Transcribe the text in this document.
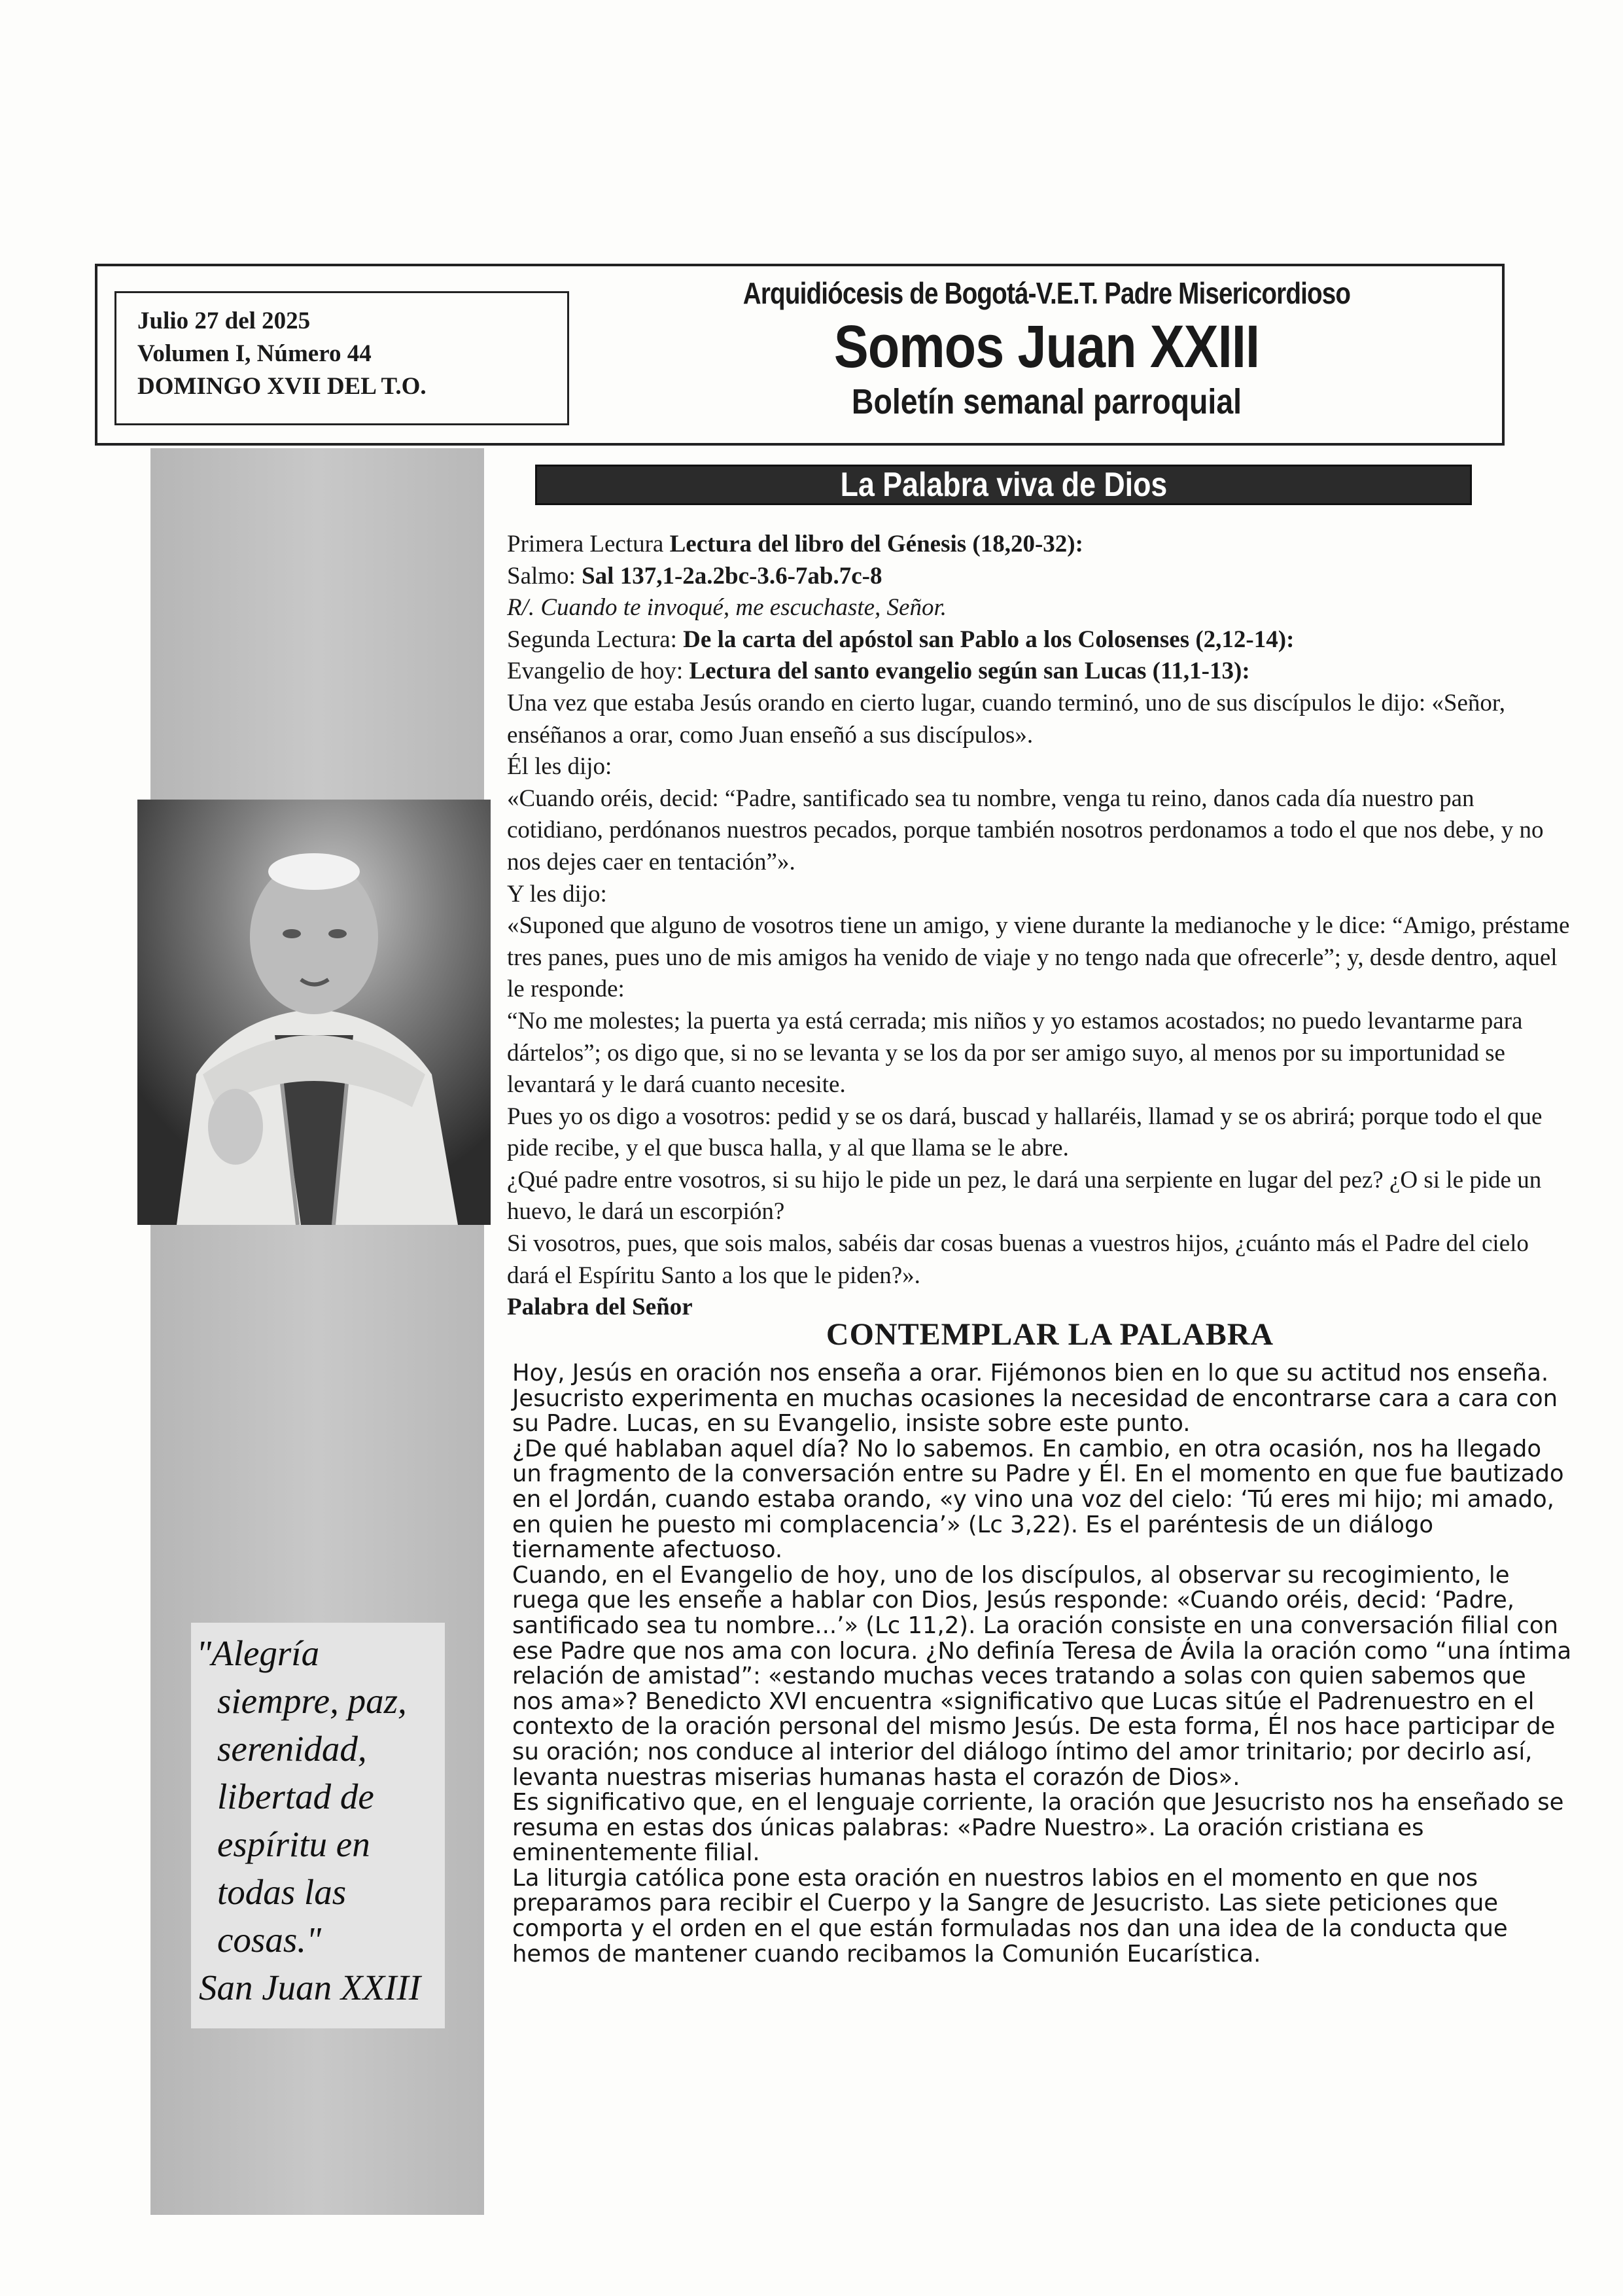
"Alegría
siempre, paz,
serenidad,
libertad de
espíritu en
todas las
cosas."
San Juan XXIII
Julio 27 del 2025
Volumen I, Número 44
DOMINGO XVII DEL T.O.
Arquidiócesis de Bogotá-V.E.T. Padre Misericordioso
Somos Juan XXIII
Boletín semanal parroquial
La Palabra viva de Dios

Primera Lectura Lectura del libro del Génesis (18,20-32):

Salmo: Sal 137,1-2a.2bc-3.6-7ab.7c-8

R/. Cuando te invoqué, me escuchaste, Señor.

Segunda Lectura: De la carta del apóstol san Pablo a los Colosenses (2,12-14):

Evangelio de hoy: Lectura del santo evangelio según san Lucas (11,1-13):

Una vez que estaba Jesús orando en cierto lugar, cuando terminó, uno de sus discípulos le dijo: «Señor, enséñanos a orar, como Juan enseñó a sus discípulos».

Él les dijo:

«Cuando oréis, decid: “Padre, santificado sea tu nombre, venga tu reino, danos cada día nuestro pan cotidiano, perdónanos nuestros pecados, porque también nosotros perdonamos a todo el que nos debe, y no nos dejes caer en tentación”».

Y les dijo:

«Suponed que alguno de vosotros tiene un amigo, y viene durante la medianoche y le dice: “Amigo, préstame tres panes, pues uno de mis amigos ha venido de viaje y no tengo nada que ofrecerle”; y, desde dentro, aquel le responde:

“No me molestes; la puerta ya está cerrada; mis niños y yo estamos acostados; no puedo levantarme para dártelos”; os digo que, si no se levanta y se los da por ser amigo suyo, al menos por su importunidad se levantará y le dará cuanto necesite.

Pues yo os digo a vosotros: pedid y se os dará, buscad y hallaréis, llamad y se os abrirá; porque todo el que pide recibe, y el que busca halla, y al que llama se le abre.

¿Qué padre entre vosotros, si su hijo le pide un pez, le dará una serpiente en lugar del pez? ¿O si le pide un huevo, le dará un escorpión?

Si vosotros, pues, que sois malos, sabéis dar cosas buenas a vuestros hijos, ¿cuánto más el Padre del cielo dará el Espíritu Santo a los que le piden?».

Palabra del Señor

CONTEMPLAR LA PALABRA

Hoy, Jesús en oración nos enseña a orar. Fijémonos bien en lo que su actitud nos enseña. Jesucristo experimenta en muchas ocasiones la necesidad de encontrarse cara a cara con su Padre. Lucas, en su Evangelio, insiste sobre este punto.

¿De qué hablaban aquel día? No lo sabemos. En cambio, en otra ocasión, nos ha llegado un fragmento de la conversación entre su Padre y Él. En el momento en que fue bautizado en el Jordán, cuando estaba orando, «y vino una voz del cielo: ‘Tú eres mi hijo; mi amado, en quien he puesto mi complacencia’» (Lc 3,22). Es el paréntesis de un diálogo tiernamente afectuoso.

Cuando, en el Evangelio de hoy, uno de los discípulos, al observar su recogimiento, le ruega que les enseñe a hablar con Dios, Jesús responde: «Cuando oréis, decid: ‘Padre, santificado sea tu nombre...’» (Lc 11,2). La oración consiste en una conversación filial con ese Padre que nos ama con locura. ¿No definía Teresa de Ávila la oración como “una íntima relación de amistad”: «estando muchas veces tratando a solas con quien sabemos que nos ama»? Benedicto XVI encuentra «significativo que Lucas sitúe el Padrenuestro en el contexto de la oración personal del mismo Jesús. De esta forma, Él nos hace participar de su oración; nos conduce al interior del diálogo íntimo del amor trinitario; por decirlo así, levanta nuestras miserias humanas hasta el corazón de Dios».

Es significativo que, en el lenguaje corriente, la oración que Jesucristo nos ha enseñado se resuma en estas dos únicas palabras: «Padre Nuestro». La oración cristiana es eminentemente filial.

La liturgia católica pone esta oración en nuestros labios en el momento en que nos preparamos para recibir el Cuerpo y la Sangre de Jesucristo. Las siete peticiones que comporta y el orden en el que están formuladas nos dan una idea de la conducta que hemos de mantener cuando recibamos la Comunión Eucarística.
